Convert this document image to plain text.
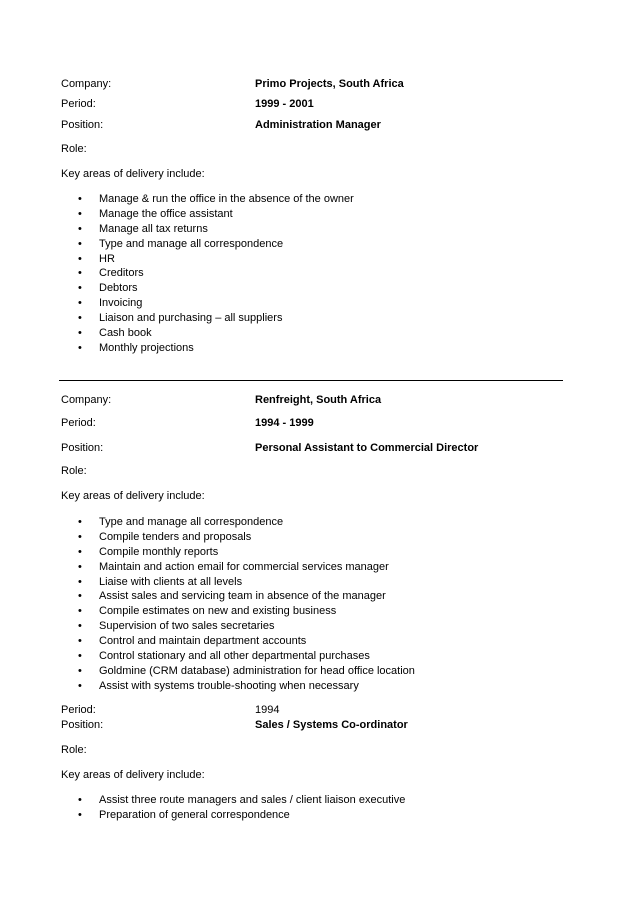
Company:	Primo Projects, South Africa
Period:	1999 - 2001
Position:	Administration Manager
Role:
Key areas of delivery include:
• Manage & run the office in the absence of the owner
• Manage the office assistant
• Manage all tax returns
• Type and manage all correspondence
• HR
• Creditors
• Debtors
• Invoicing
• Liaison and purchasing – all suppliers
• Cash book
• Monthly projections
Company:	Renfreight, South Africa
Period:	1994 - 1999
Position:	Personal Assistant to Commercial Director
Role:
Key areas of delivery include:
• Type and manage all correspondence
• Compile tenders and proposals
• Compile monthly reports
• Maintain and action email for commercial services manager
• Liaise with clients at all levels
• Assist sales and servicing team in absence of the manager
• Compile estimates on new and existing business
• Supervision of two sales secretaries
• Control and maintain department accounts
• Control stationary and all other departmental purchases
• Goldmine (CRM database) administration for head office location
• Assist with systems trouble-shooting when necessary
Period:	1994
Position:	Sales / Systems Co-ordinator
Role:
Key areas of delivery include:
• Assist three route managers and sales / client liaison executive
• Preparation of general correspondence
